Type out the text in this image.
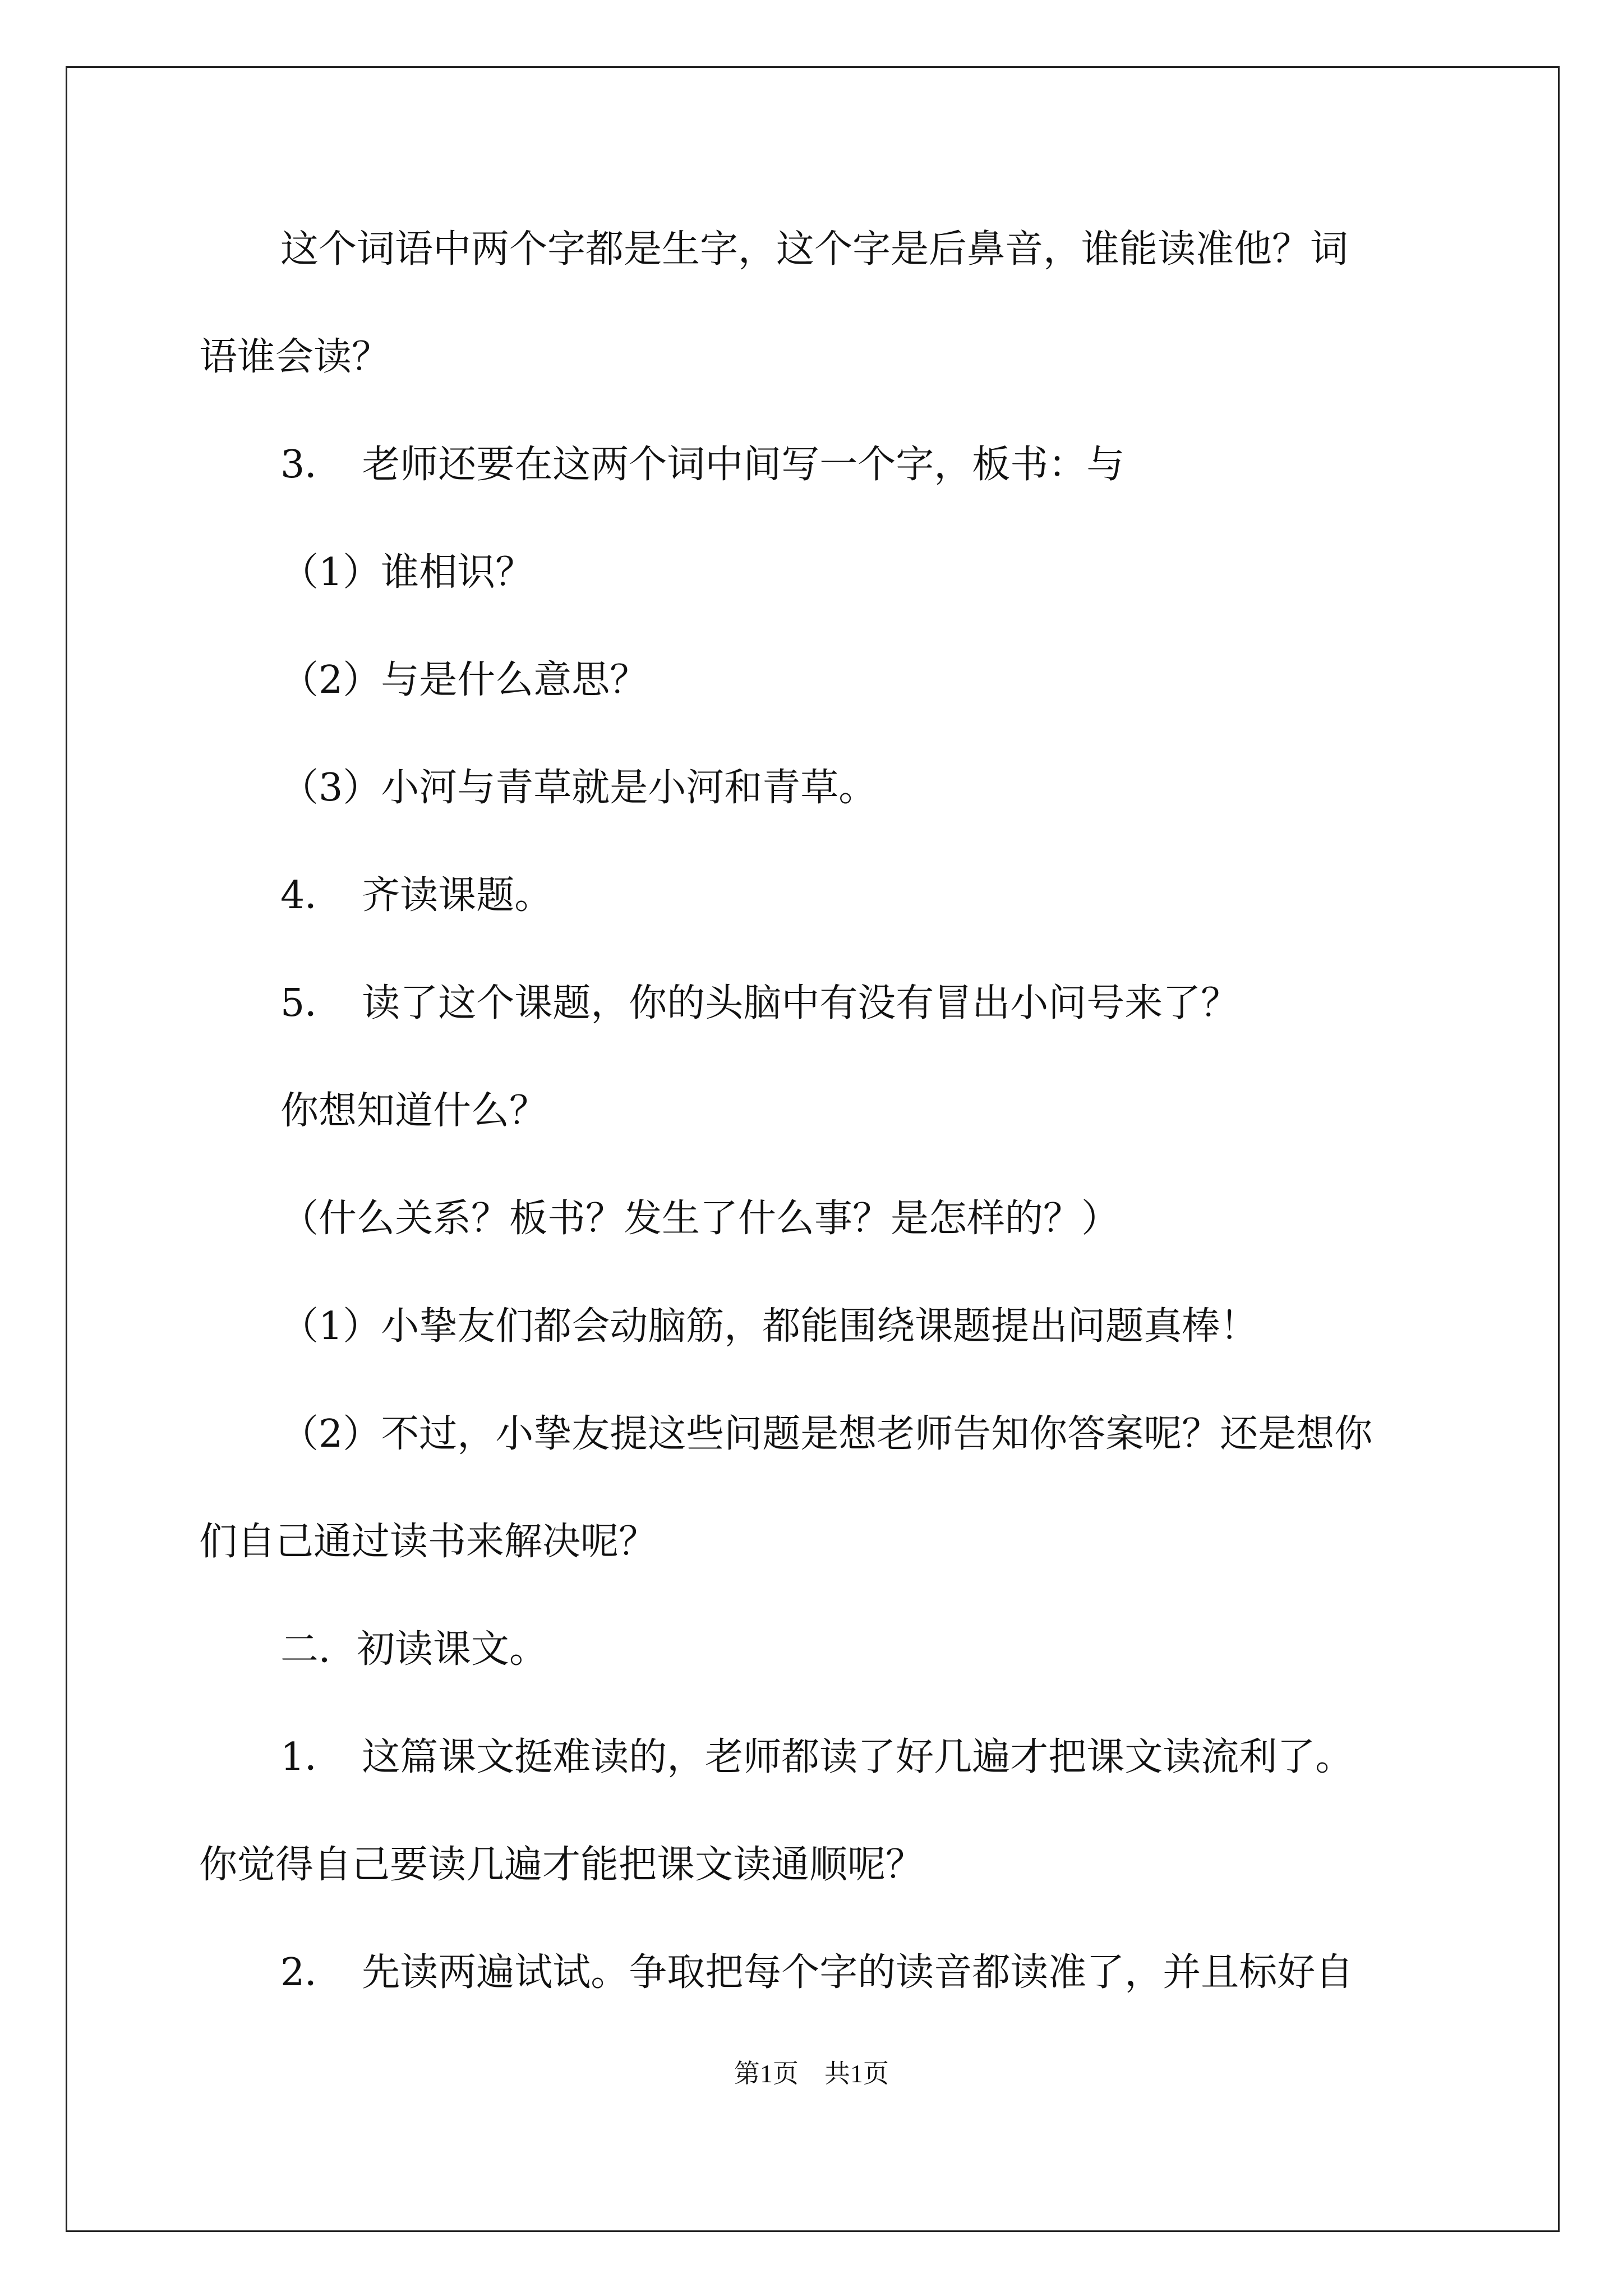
这个词语中两个字都是生字，这个字是后鼻音，谁能读准他？词
语谁会读？
3．　老师还要在这两个词中间写一个字，板书：与
（1）谁相识？
（2）与是什么意思？
（3）小河与青草就是小河和青草。
4．　齐读课题。
5．　读了这个课题，你的头脑中有没有冒出小问号来了？
你想知道什么？
（什么关系？板书？发生了什么事？是怎样的？）
（1）小挚友们都会动脑筋，都能围绕课题提出问题真棒！
（2）不过，小挚友提这些问题是想老师告知你答案呢？还是想你
们自己通过读书来解决呢？
二．初读课文。
1．　这篇课文挺难读的，老师都读了好几遍才把课文读流利了。
你觉得自己要读几遍才能把课文读通顺呢？
2．　先读两遍试试。争取把每个字的读音都读准了，并且标好自
第1页　共1页
